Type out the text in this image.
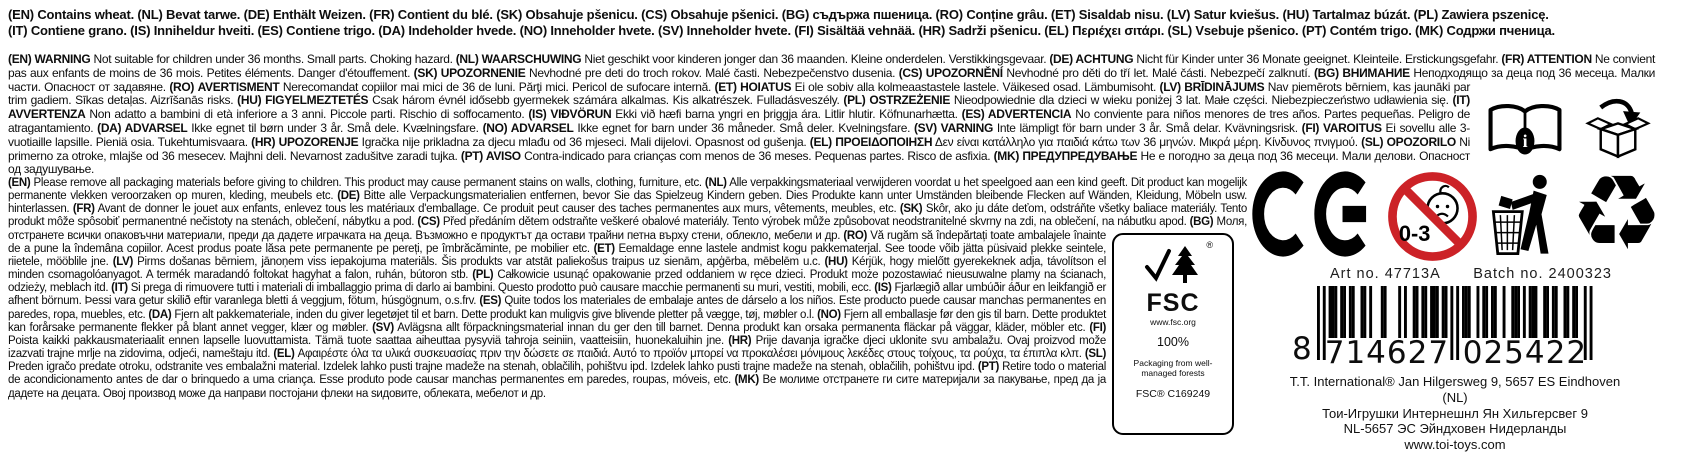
(EN) Contains wheat. (NL) Bevat tarwe. (DE) Enthält Weizen. (FR) Contient du blé. (SK) Obsahuje pšenicu. (CS) Obsahuje pšenici. (BG) съдържа пшеница. (RO) Conține grâu. (ET) Sisaldab nisu. (LV) Satur kviešus. (HU) Tartalmaz búzát. (PL) Zawiera pszenicę.
(IT) Contiene grano. (IS) Inniheldur hveiti. (ES) Contiene trigo. (DA) Indeholder hvede. (NO) Inneholder hvete. (SV) Inneholder hvete. (FI) Sisältää vehnää. (HR) Sadrži pšenicu. (EL) Περιέχει σιτάρι. (SL) Vsebuje pšenico. (PT) Contém trigo. (MK) Содржи пченица.
i
(EN) WARNING Not suitable for children under 36 months. Small parts. Choking hazard. (NL) WAARSCHUWING Niet geschikt voor kinderen jonger dan 36 maanden. Kleine onderdelen. Verstikkingsgevaar. (DE) ACHTUNG Nicht für Kinder unter 36 Monate geeignet. Kleinteile. Erstickungsgefahr. (FR) ATTENTION Ne convient pas aux enfants de moins de 36 mois. Petites éléments. Danger d'étouffement. (SK) UPOZORNENIE Nevhodné pre deti do troch rokov. Malé časti. Nebezpečenstvo dusenia. (CS) UPOZORNĚNÍ Nevhodné pro děti do tří let. Malé části. Nebezpečí zalknutí. (BG) ВНИМАНИЕ Неподходящо за деца под 36 месеца. Малки части. Опасност от задавяне. (RO) AVERTISMENT Nerecomandat copiilor mai mici de 36 de luni. Părţi mici. Pericol de sufocare internă. (ET) HOIATUS Ei ole sobiv alla kolmeaastastele lastele. Väikesed osad. Lämbumisoht. (LV) BRĪDINĀJUMS Nav piemērots bērniem, kas jaunāki par trim gadiem. Sīkas detaļas. Aizrīšanās risks. (HU) FIGYELMEZTETÉS Csak három évnél idősebb gyermekek számára alkalmas. Kis alkatrészek. Fulladásveszély. (PL) OSTRZEŻENIE Nieodpowiednie dla dzieci w wieku poniżej 3 lat. Małe części. Niebezpieczeństwo udławienia się. (IT) AVVERTENZA Non adatto a bambini di età inferiore a 3 anni. Piccole parti. Rischio di soffocamento. (IS) VIÐVÖRUN Ekki við hæfi barna yngri en þriggja ára. Litlir hlutir. Köfnunarhætta. (ES) ADVERTENCIA No conviente para niños menores de tres años. Partes pequeñas. Peligro de atragantamiento. (DA) ADVARSEL Ikke egnet til børn under 3 år. Små dele. Kvælningsfare. (NO) ADVARSEL Ikke egnet for barn under 36 måneder. Små deler. Kvelningsfare. (SV) VARNING Inte lämpligt för barn under 3 år. Små delar. Kvävningsrisk. (FI) VAROITUS Ei sovellu alle 3-vuotiaille lapsille. Pieniä osia. Tukehtumisvaara. (HR) UPOZORENJE Igračka nije prikladna za djecu mlađu od 36 mjeseci. Mali dijelovi. Opasnost od gušenja. (EL) ΠΡΟΕΙΔΟΠΟΙΗΣΗ Δεν είναι κατάλληλο για παιδιά κάτω των 36 μηνών. Μικρά μέρη. Κίνδυνος πνιγμού. (SL) OPOZORILO Ni primerno za otroke, mlajše od 36 mesecev. Majhni deli. Nevarnost zadušitve zaradi tujka. (PT) AVISO Contra-indicado para crianças com menos de 36 meses. Pequenas partes. Risco de asfixia. (MK) ПРЕДУПРЕДУВАЊЕ Не е погодно за деца под 36 месеци. Мали делови. Опасност од задушување.
(EN) Please remove all packaging materials before giving to children. This product may cause permanent stains on walls, clothing, furniture, etc. (NL) Alle verpakkingsmateriaal verwijderen voordat u het speelgoed aan een kind geeft. Dit product kan mogelijk permanente vlekken veroorzaken op muren, kleding, meubels etc. (DE) Bitte alle Verpackungsmaterialien entfernen, bevor Sie das Spielzeug Kindern geben. Dies Produkte kann unter Umständen bleibende Flecken auf Wänden, Kleidung, Möbeln usw. hinterlassen. (FR) Avant de donner le jouet aux enfants, enlevez tous les matériaux d'emballage. Ce produit peut causer des taches permanentes aux murs, vêtements, meubles, etc. (SK) Skôr, ako ju dáte deťom, odstráňte všetky baliace materiály. Tento produkt môže spôsobiť permanentné nečistoty na stenách, oblečení, nábytku a pod. (CS) Před předáním dětem odstraňte veškeré obalové materiály. Tento výrobek může způsobovat neodstranitelné skvrny na zdi, na oblečení, na nábutku apod. (BG) Моля, отстранете всички опаковъчни материали, преди да дадете играчката на деца. Възможно е продуктът да остави трайни петна върху стени, облекло, мебели и др. (RO) Vă rugăm să îndepărtați toate ambalajele înainte de a pune la îndemâna copiilor. Acest produs poate lăsa pete permanente pe pereți, pe îmbrăcăminte, pe mobilier etc. (ET) Eemaldage enne lastele andmist kogu pakkematerjal. See toode võib jätta püsivaid plekke seintele, riietele, mööblile jne. (LV) Pirms došanas bērniem, jānoņem viss iepakojuma materiāls. Šis produkts var atstāt paliekošus traipus uz sienām, apģērba, mēbelēm u.c. (HU) Kérjük, hogy mielőtt gyerekeknek adja, távolítson el minden csomagolóanyagot. A termék maradandó foltokat hagyhat a falon, ruhán, bútoron stb. (PL) Całkowicie usunąć opakowanie przed oddaniem w ręce dzieci. Produkt może pozostawiać nieusuwalne plamy na ścianach, odzieży, meblach itd. (IT) Si prega di rimuovere tutti i materiali di imballaggio prima di darlo ai bambini. Questo prodotto può causare macchie permanenti su muri, vestiti, mobili, ecc. (IS) Fjarlægið allar umbúðir áður en leikfangið er afhent börnum. Þessi vara getur skilið eftir varanlega bletti á veggjum, fötum, húsgögnum, o.s.frv. (ES) Quite todos los materiales de embalaje antes de dárselo a los niños. Este producto puede causar manchas permanentes en paredes, ropa, muebles, etc. (DA) Fjern alt pakkemateriale, inden du giver legetøjet til et barn. Dette produkt kan muligvis give blivende pletter på vægge, tøj, møbler o.l. (NO) Fjern all emballasje før den gis til barn. Dette produktet kan forårsake permanente flekker på blant annet vegger, klær og møbler. (SV) Avlägsna allt förpackningsmaterial innan du ger den till barnet. Denna produkt kan orsaka permanenta fläckar på väggar, kläder, möbler etc. (FI) Poista kaikki pakkausmateriaalit ennen lapselle luovuttamista. Tämä tuote saattaa aiheuttaa pysyviä tahroja seiniin, vaatteisiin, huonekaluihin jne. (HR) Prije davanja igračke djeci uklonite svu ambalažu. Ovaj proizvod može izazvati trajne mrlje na zidovima, odjeći, nameštaju itd. (EL) Αφαιρέστε όλα τα υλικά συσκευασίας πριν την δώσετε σε παιδιά. Αυτό το προϊόν μπορεί να προκαλέσει μόνιμους λεκέδες στους τοίχους, τα ρούχα, τα έπιπλα κλπ. (SL) Preden igračo predate otroku, odstranite ves embalažni material. Izdelek lahko pusti trajne madeže na stenah, oblačilih, pohištvu ipd. Izdelek lahko pusti trajne madeže na stenah, oblačilih, pohištvu ipd. (PT) Retire todo o material de acondicionamento antes de dar o brinquedo a uma criança. Esse produto pode causar manchas permanentes em paredes, roupas, móveis, etc. (MK) Ве молиме отстранете ги сите материјали за пакување, пред да ја дадете на децата. Овој производ може да направи постојани флеки на ѕидовите, облеката, мебелот и др.
®
FSC
www.fsc.org
100%
Packaging from well-managed forests
FSC® C169249
0-3 ♻
Art no. 47713A Batch no. 2400323
8 714627 025422
T.T. International® Jan Hilgersweg 9, 5657 ES Eindhoven (NL)
Тои-Игрушки Интернешнл Ян Хильгерсвег 9
NL-5657 ЭС Эйндховен Нидерланды
www.toi-toys.com
